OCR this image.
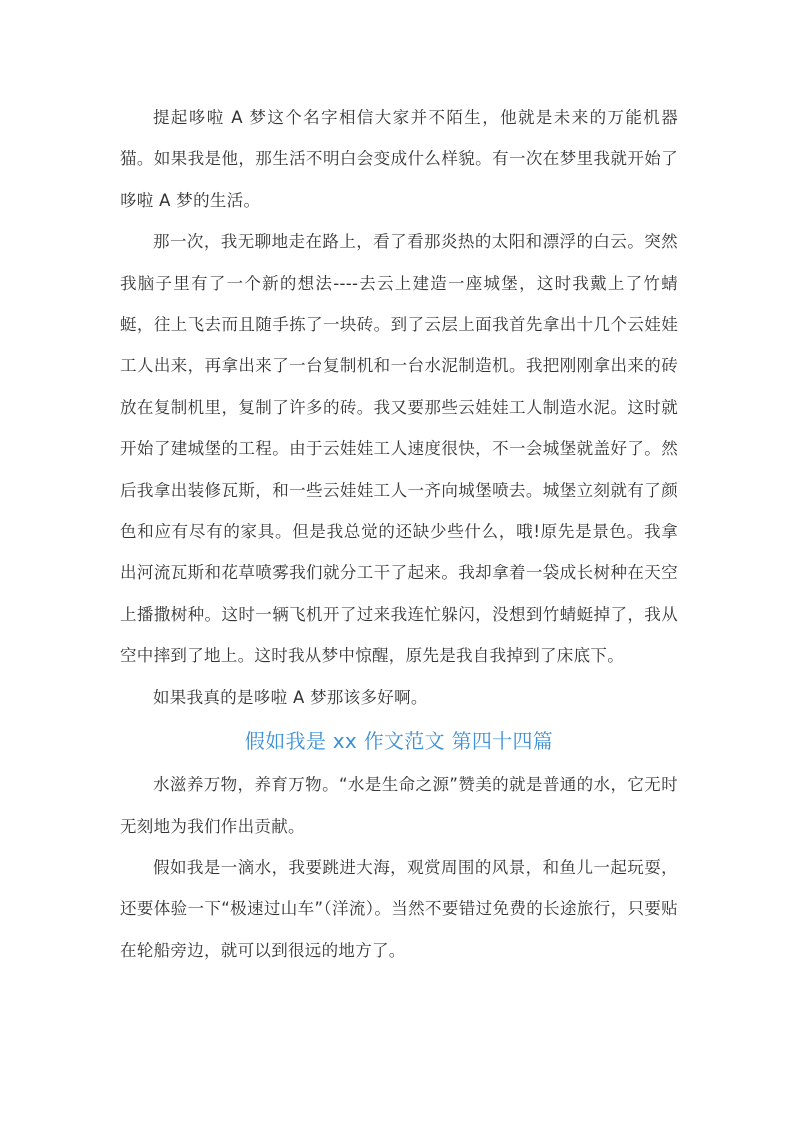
提起哆啦 A 梦这个名字相信大家并不陌生，他就是未来的万能机器猫。如果我是他，那生活不明白会变成什么样貌。有一次在梦里我就开始了哆啦 A 梦的生活。

那一次，我无聊地走在路上，看了看那炎热的太阳和漂浮的白云。突然我脑子里有了一个新的想法----去云上建造一座城堡，这时我戴上了竹蜻蜓，往上飞去而且随手拣了一块砖。到了云层上面我首先拿出十几个云娃娃工人出来，再拿出来了一台复制机和一台水泥制造机。我把刚刚拿出来的砖放在复制机里，复制了许多的砖。我又要那些云娃娃工人制造水泥。这时就开始了建城堡的工程。由于云娃娃工人速度很快，不一会城堡就盖好了。然后我拿出装修瓦斯，和一些云娃娃工人一齐向城堡喷去。城堡立刻就有了颜色和应有尽有的家具。但是我总觉的还缺少些什么，哦!原先是景色。我拿出河流瓦斯和花草喷雾我们就分工干了起来。我却拿着一袋成长树种在天空上播撒树种。这时一辆飞机开了过来我连忙躲闪，没想到竹蜻蜓掉了，我从空中摔到了地上。这时我从梦中惊醒，原先是我自我掉到了床底下。

如果我真的是哆啦 A 梦那该多好啊。

假如我是 xx 作文范文 第四十四篇

水滋养万物，养育万物。“水是生命之源”赞美的就是普通的水，它无时无刻地为我们作出贡献。

假如我是一滴水，我要跳进大海，观赏周围的风景，和鱼儿一起玩耍，还要体验一下“极速过山车”（洋流）。当然不要错过免费的长途旅行，只要贴在轮船旁边，就可以到很远的地方了。
